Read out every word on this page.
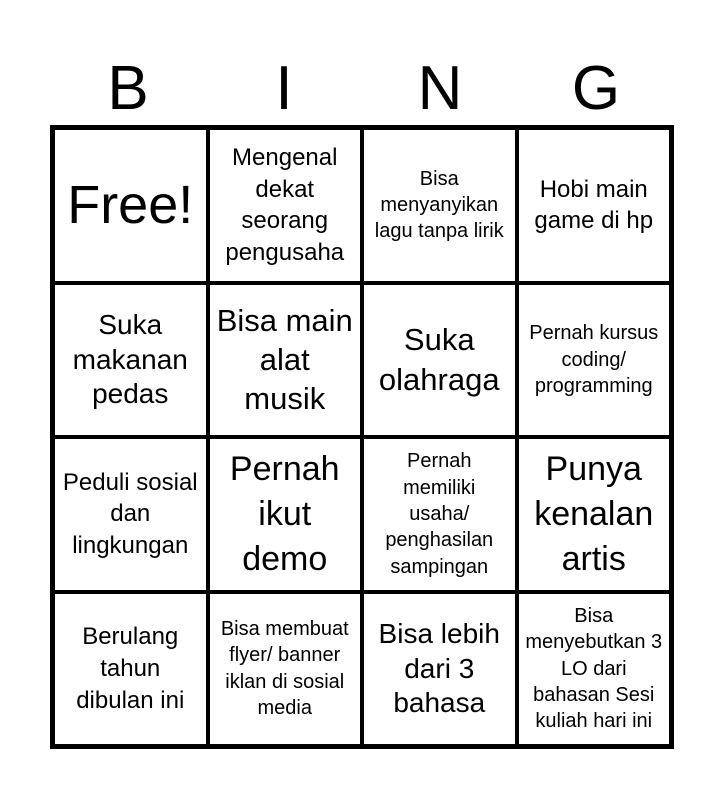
B	I	N	G
Free!
Mengenal dekat seorang pengusaha
Bisa menyanyikan lagu tanpa lirik
Hobi main game di hp
Suka makanan pedas
Bisa main alat musik
Suka olahraga
Pernah kursus coding/ programming
Peduli sosial dan lingkungan
Pernah ikut demo
Pernah memiliki usaha/ penghasilan sampingan
Punya kenalan artis
Berulang tahun dibulan ini
Bisa membuat flyer/ banner iklan di sosial media
Bisa lebih dari 3 bahasa
Bisa menyebutkan 3 LO dari bahasan Sesi kuliah hari ini
